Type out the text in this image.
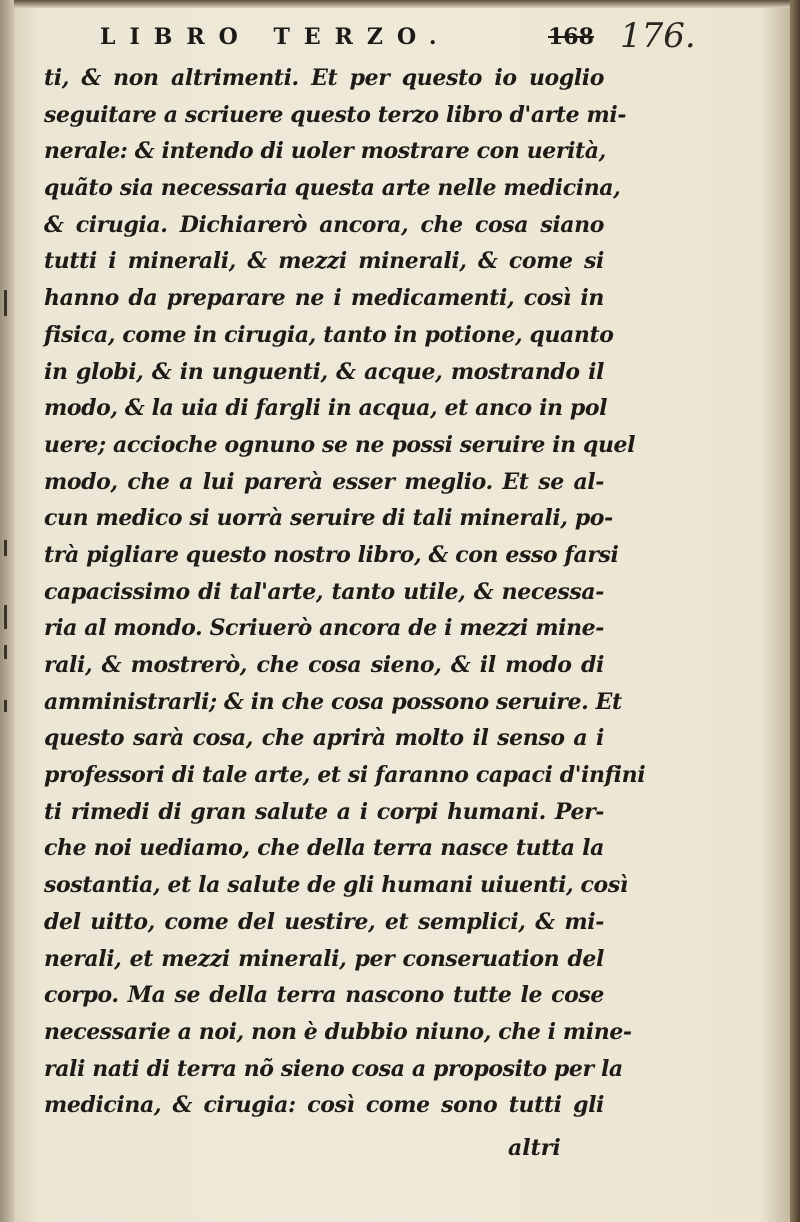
LIBRO TERZO.	168 176.
ti, & non altrimenti. Et per questo io uoglio
seguitare a scriuere questo terzo libro d'arte mi-
nerale: & intendo di uoler mostrare con uerità,
quãto sia necessaria questa arte nelle medicina,
& cirugia. Dichiarerò ancora, che cosa siano
tutti i minerali, & mezzi minerali, & come si
hanno da preparare ne i medicamenti, così in
fisica, come in cirugia, tanto in potione, quanto
in globi, & in unguenti, & acque, mostrando il
modo, & la uia di fargli in acqua, et anco in pol
uere; accioche ognuno se ne possi seruire in quel
modo, che a lui parerà esser meglio. Et se al-
cun medico si uorrà seruire di tali minerali, po-
trà pigliare questo nostro libro, & con esso farsi
capacissimo di tal'arte, tanto utile, & necessa-
ria al mondo. Scriuerò ancora de i mezzi mine-
rali, & mostrerò, che cosa sieno, & il modo di
amministrarli; & in che cosa possono seruire. Et
questo sarà cosa, che aprirà molto il senso a i
professori di tale arte, et si faranno capaci d'infini
ti rimedi di gran salute a i corpi humani. Per-
che noi uediamo, che della terra nasce tutta la
sostantia, et la salute de gli humani uiuenti, così
del uitto, come del uestire, et semplici, & mi-
nerali, et mezzi minerali, per conseruation del
corpo. Ma se della terra nascono tutte le cose
necessarie a noi, non è dubbio niuno, che i mine-
rali nati di terra nõ sieno cosa a proposito per la
medicina, & cirugia: così come sono tutti gli
altri
